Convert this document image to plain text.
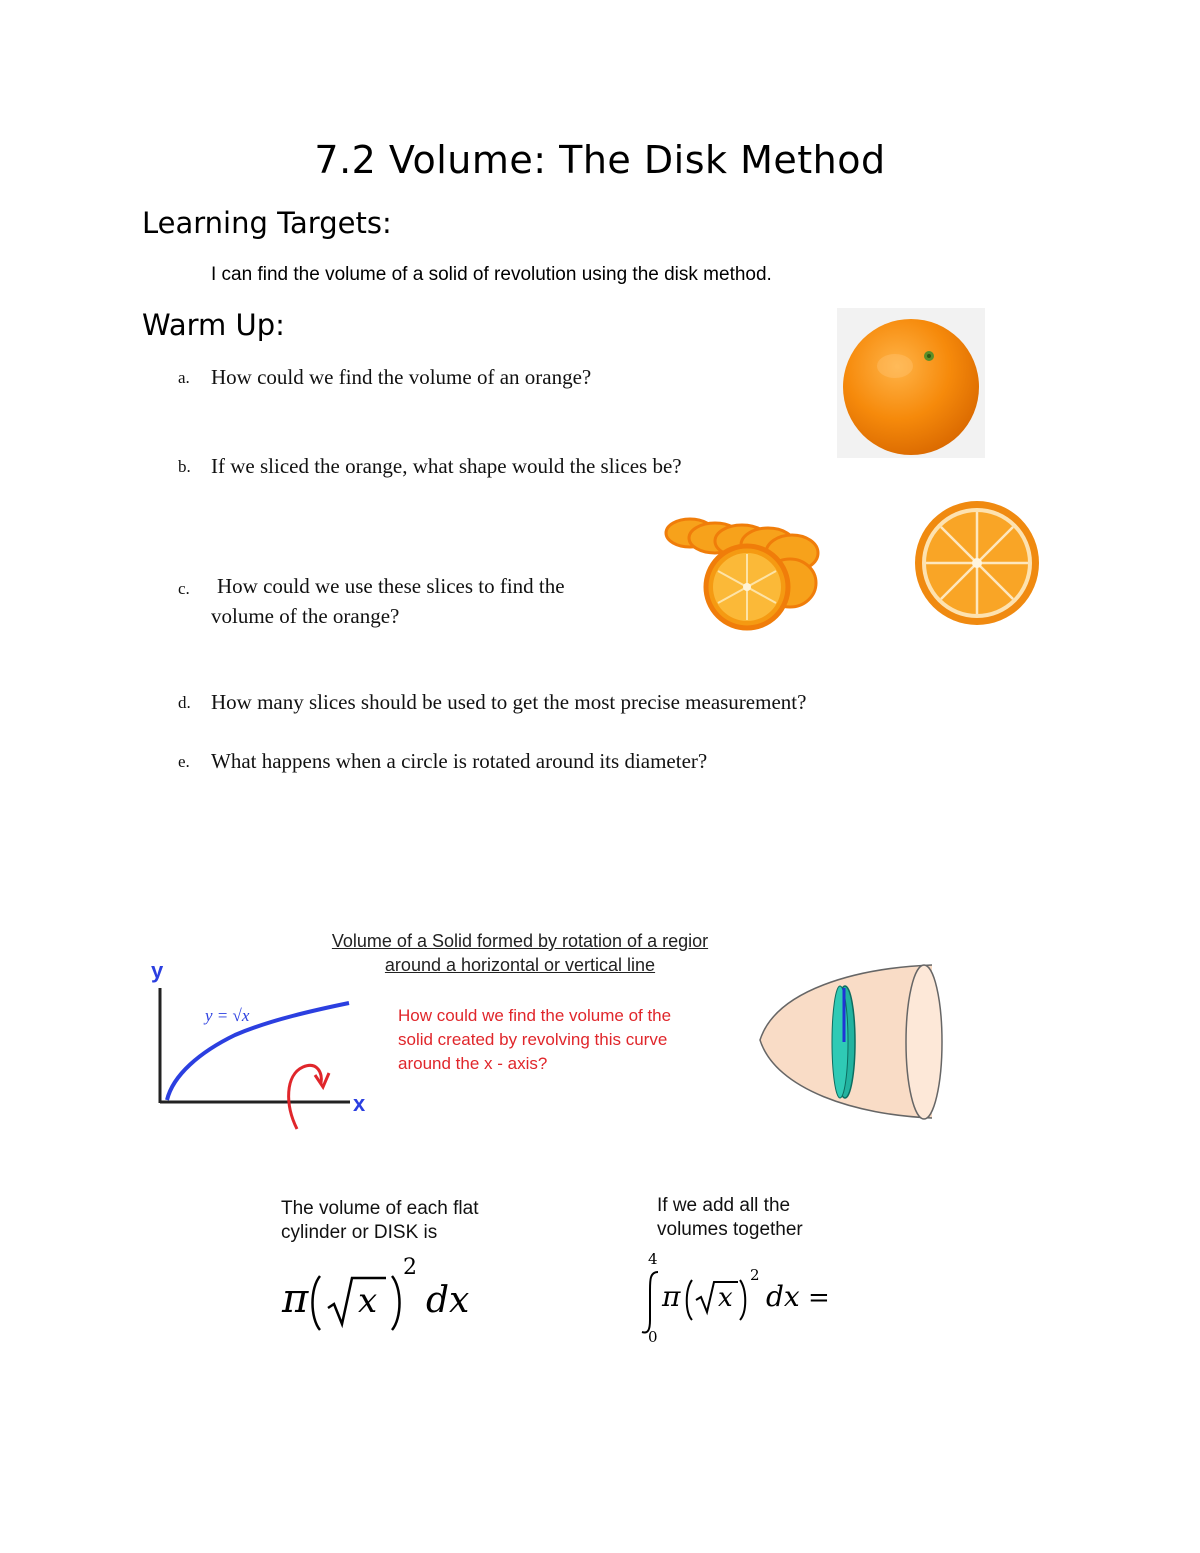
7.2 Volume: The Disk Method
Learning Targets:
I can find the volume of a solid of revolution using the disk method.
Warm Up:
a. How could we find the volume of an orange?
b. If we sliced the orange, what shape would the slices be?
c. How could we use these slices to find the
volume of the orange?
d. How many slices should be used to get the most precise measurement?
e. What happens when a circle is rotated around its diameter?
Volume of a Solid formed by rotation of a regior
around a horizontal or vertical line
y
x
y = √x	How could we find the volume of the
solid created by revolving this curve
around the x - axis?
The volume of each flat
cylinder or DISK is
If we add all the
volumes together
π x
2
dx
4
0
π x
2
dx =
